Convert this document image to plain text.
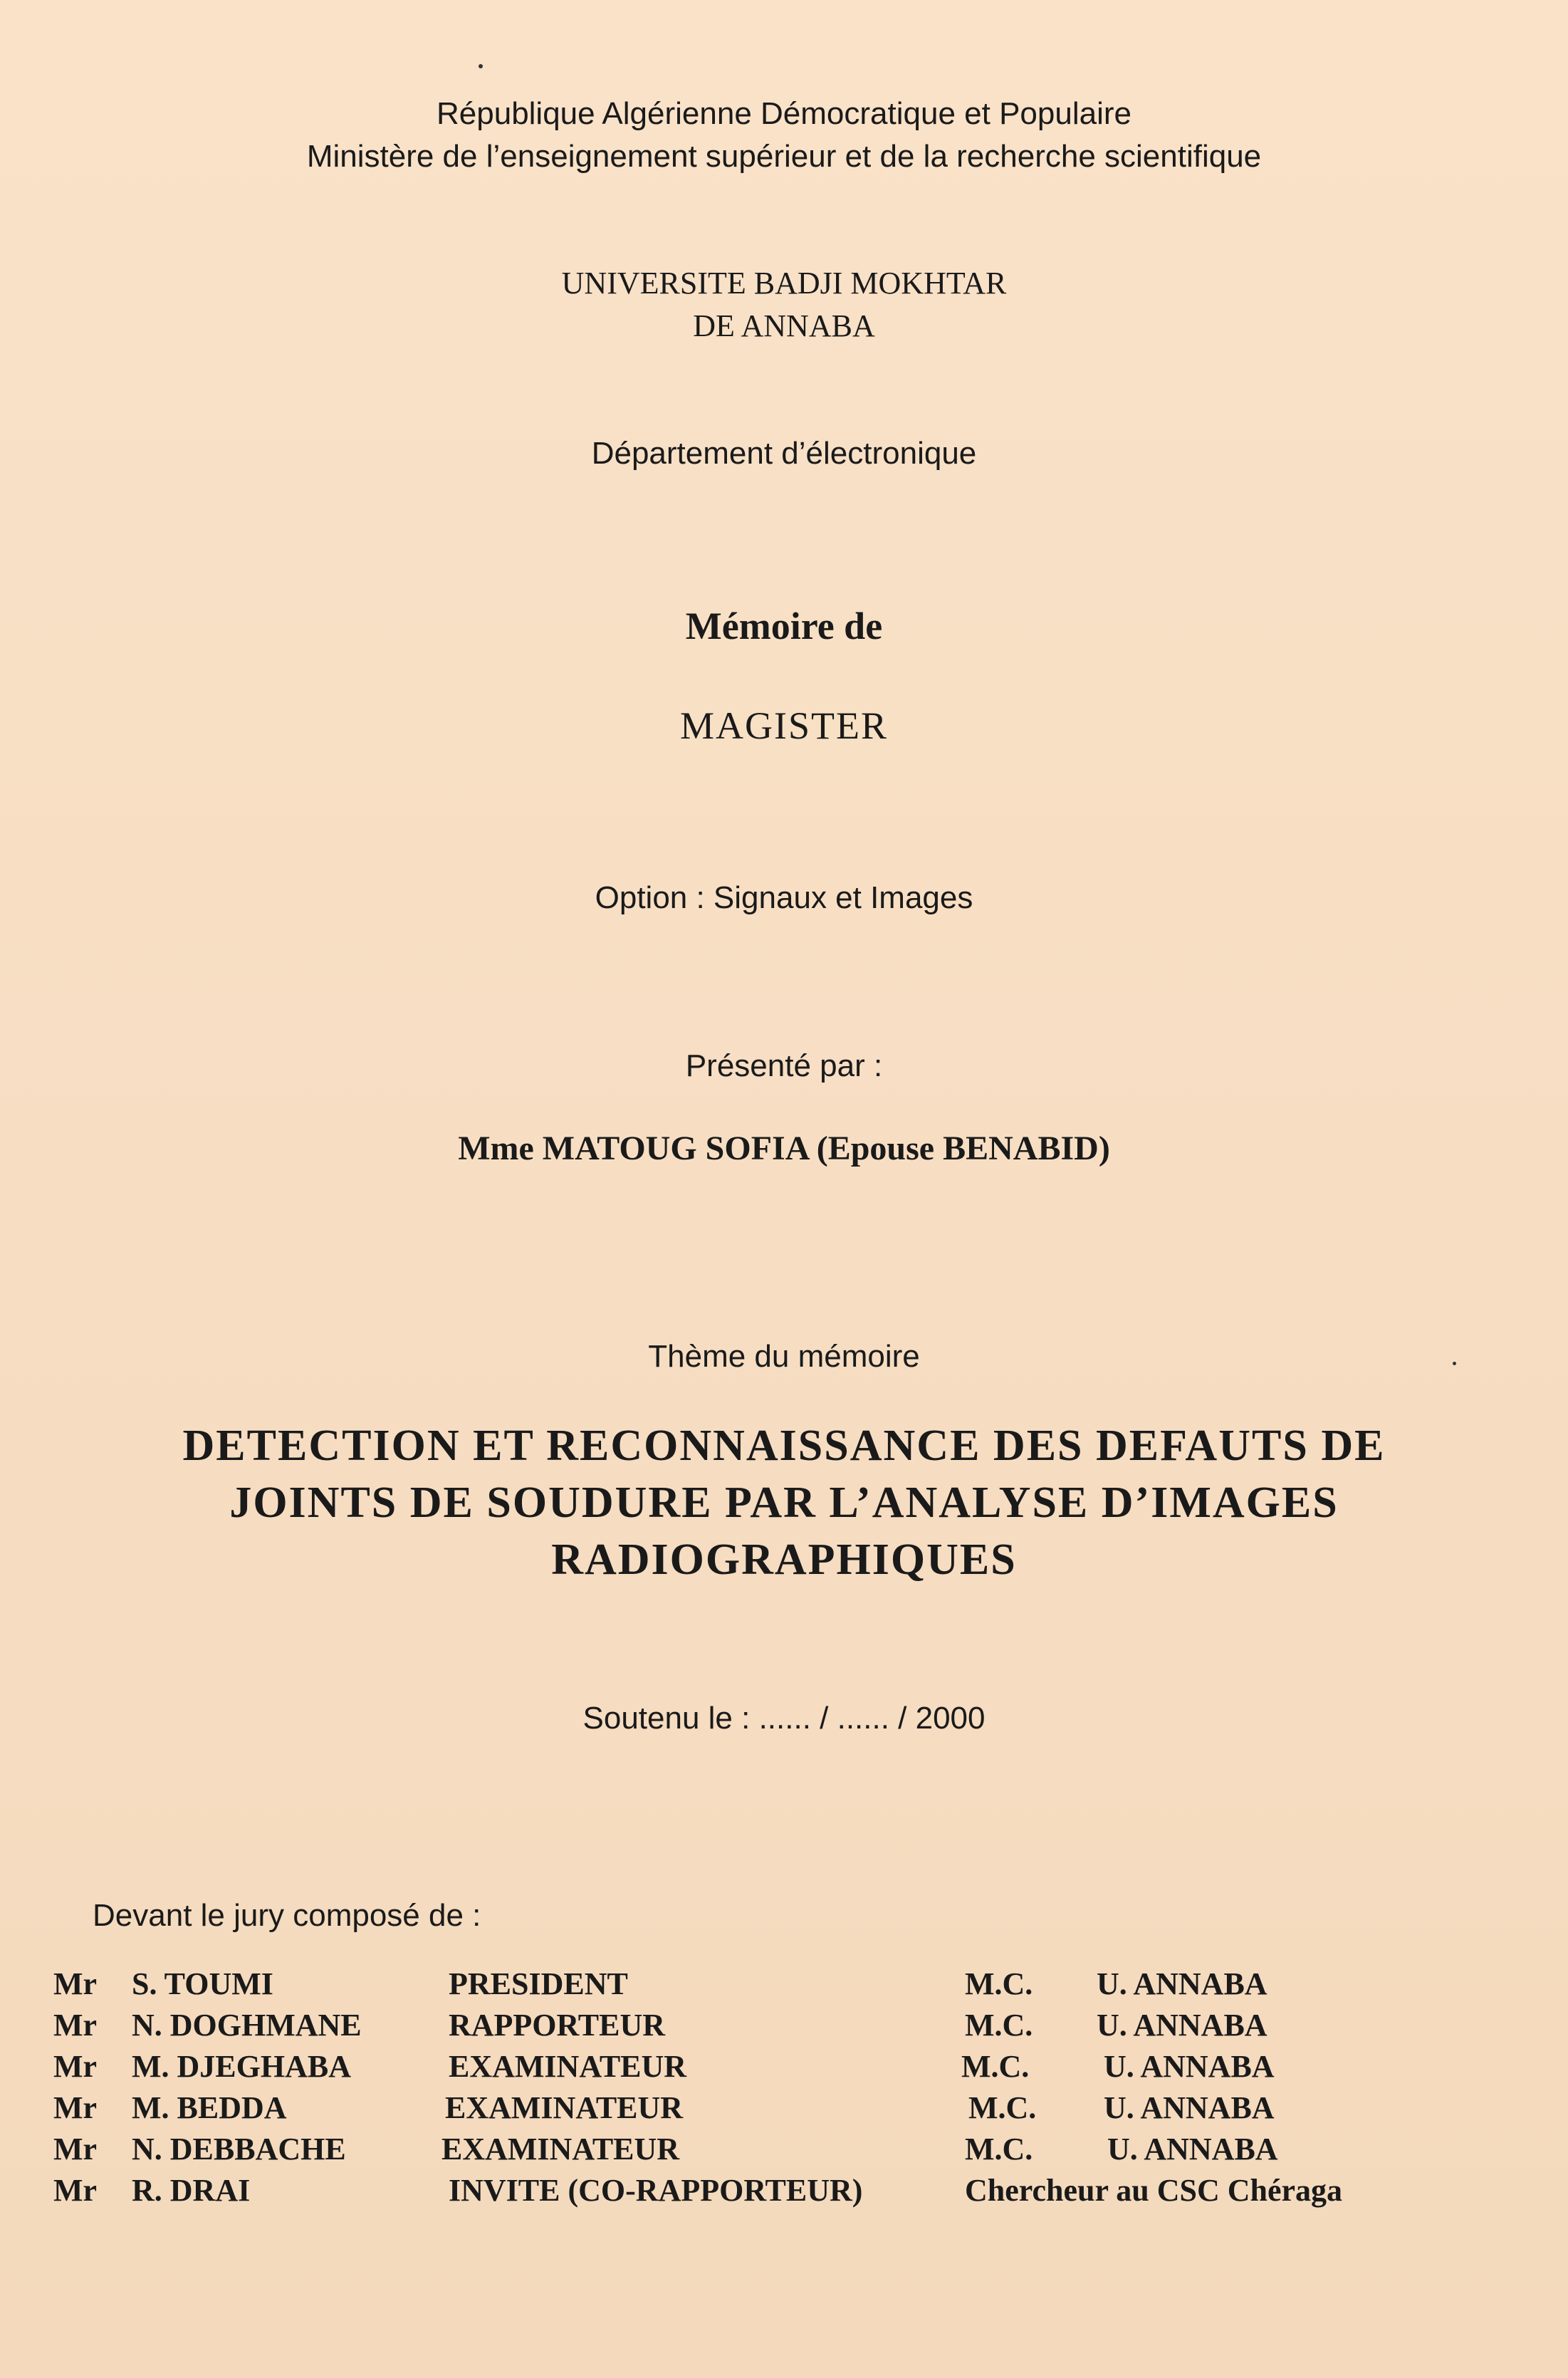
République Algérienne Démocratique et Populaire
Ministère de l’enseignement supérieur et de la recherche scientifique
UNIVERSITE BADJI MOKHTAR
DE ANNABA
Département d’électronique
Mémoire de
MAGISTER
Option : Signaux et Images
Présenté par :
Mme MATOUG SOFIA (Epouse BENABID)
Thème du mémoire
DETECTION ET RECONNAISSANCE DES DEFAUTS DE
JOINTS DE SOUDURE PAR L’ANALYSE D’IMAGES
RADIOGRAPHIQUES
Soutenu le : ...... / ...... / 2000
Devant le jury composé de :
Mr S. TOUMI	PRESIDENT	M.C. U. ANNABA
Mr N. DOGHMANE	RAPPORTEUR	M.C. U. ANNABA
Mr M. DJEGHABA	EXAMINATEUR	M.C. U. ANNABA
Mr M. BEDDA	EXAMINATEUR	M.C. U. ANNABA
Mr N. DEBBACHE	EXAMINATEUR	M.C. U. ANNABA
Mr R. DRAI	INVITE (CO-RAPPORTEUR)	Chercheur au CSC Chéraga
